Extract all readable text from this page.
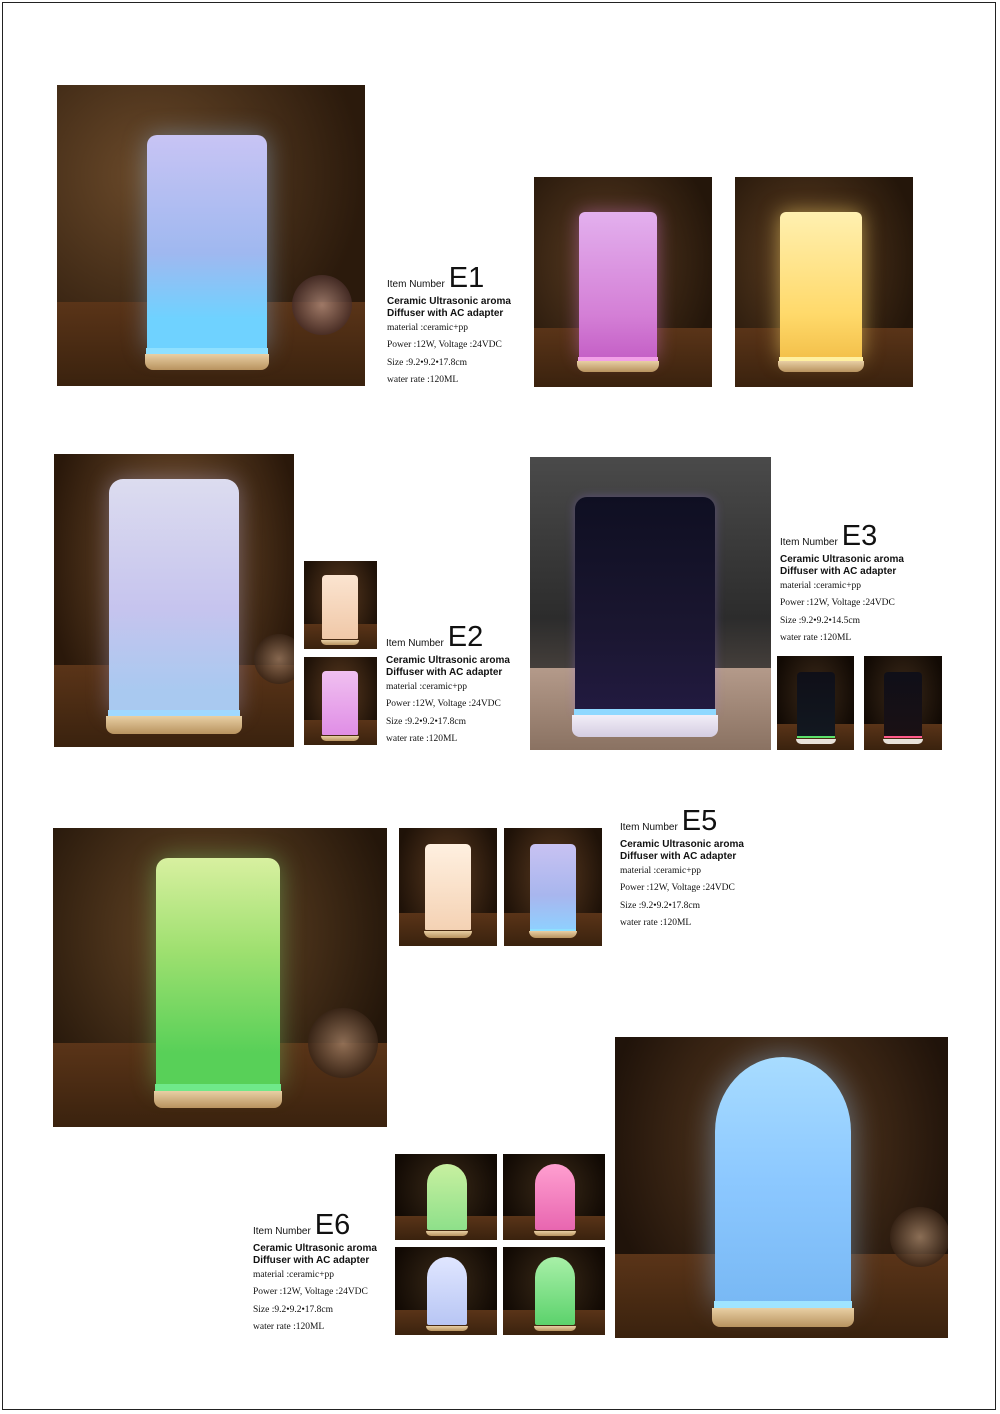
Item Number E1
Ceramic Ultrasonic aroma Diffuser with AC adapter
material :ceramic+pp
Power :12W, Voltage :24VDC
Size :9.2•9.2•17.8cm
water rate :120ML
Item Number E2
Ceramic Ultrasonic aroma Diffuser with AC adapter
material :ceramic+pp
Power :12W, Voltage :24VDC
Size :9.2•9.2•17.8cm
water rate :120ML
Item Number E3
Ceramic Ultrasonic aroma Diffuser with AC adapter
material :ceramic+pp
Power :12W, Voltage :24VDC
Size :9.2•9.2•14.5cm
water rate :120ML
Item Number E5
Ceramic Ultrasonic aroma Diffuser with AC adapter
material :ceramic+pp
Power :12W, Voltage :24VDC
Size :9.2•9.2•17.8cm
water rate :120ML
Item Number E6
Ceramic Ultrasonic aroma Diffuser with AC adapter
material :ceramic+pp
Power :12W, Voltage :24VDC
Size :9.2•9.2•17.8cm
water rate :120ML
